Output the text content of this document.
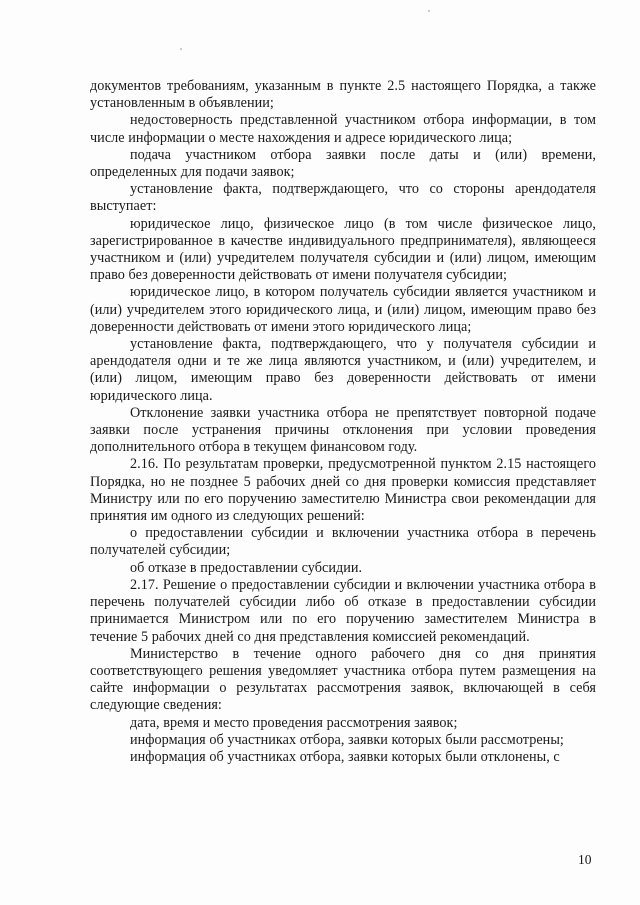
документов требованиям, указанным в пункте 2.5 настоящего Порядка, а также установленным в объявлении;

недостоверность представленной участником отбора информации, в том числе информации о месте нахождения и адресе юридического лица;

подача участником отбора заявки после даты и (или) времени, определенных для подачи заявок;

установление факта, подтверждающего, что со стороны арендодателя выступает:

юридическое лицо, физическое лицо (в том числе физическое лицо, зарегистрированное в качестве индивидуального предпринимателя), являющееся участником и (или) учредителем получателя субсидии и (или) лицом, имеющим право без доверенности действовать от имени получателя субсидии;

юридическое лицо, в котором получатель субсидии является участником и (или) учредителем этого юридического лица, и (или) лицом, имеющим право без доверенности действовать от имени этого юридического лица;

установление факта, подтверждающего, что у получателя субсидии и арендодателя одни и те же лица являются участником, и (или) учредителем, и (или) лицом, имеющим право без доверенности действовать от имени юридического лица.

Отклонение заявки участника отбора не препятствует повторной подаче заявки после устранения причины отклонения при условии проведения дополнительного отбора в текущем финансовом году.

2.16. По результатам проверки, предусмотренной пунктом 2.15 настоящего Порядка, но не позднее 5 рабочих дней со дня проверки комиссия представляет Министру или по его поручению заместителю Министра свои рекомендации для принятия им одного из следующих решений:

о предоставлении субсидии и включении участника отбора в перечень получателей субсидии;

об отказе в предоставлении субсидии.

2.17. Решение о предоставлении субсидии и включении участника отбора в перечень получателей субсидии либо об отказе в предоставлении субсидии принимается Министром или по его поручению заместителем Министра в течение 5 рабочих дней со дня представления комиссией рекомендаций.

Министерство в течение одного рабочего дня со дня принятия соответствующего решения уведомляет участника отбора путем размещения на сайте информации о результатах рассмотрения заявок, включающей в себя следующие сведения:

дата, время и место проведения рассмотрения заявок;

информация об участниках отбора, заявки которых были рассмотрены;

информация об участниках отбора, заявки которых были отклонены, с

10
